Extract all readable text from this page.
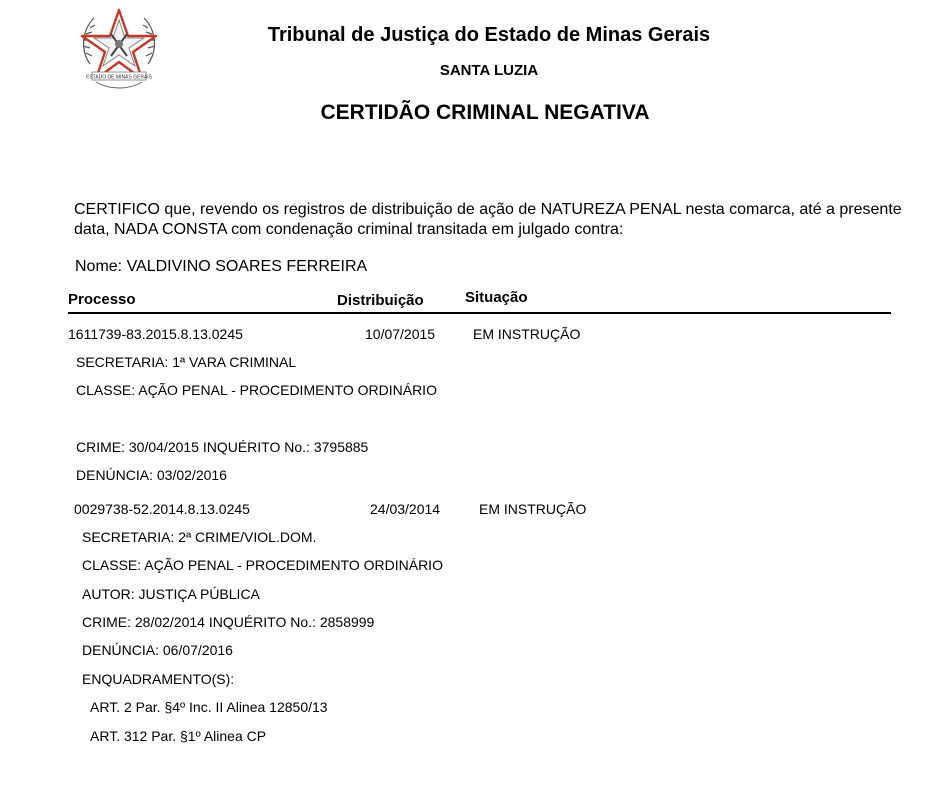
ESTADO DE MINAS GERAIS
Tribunal de Justiça do Estado de Minas Gerais
SANTA LUZIA
CERTIDÃO CRIMINAL NEGATIVA
CERTIFICO que, revendo os registros de distribuição de ação de NATUREZA PENAL nesta comarca, até a presente data, NADA CONSTA com condenação criminal transitada em julgado contra:
Nome: VALDIVINO SOARES FERREIRA
Processo	Distribuição	Situação
1611739-83.2015.8.13.0245	10/07/2015	EM INSTRUÇÃO
SECRETARIA: 1ª VARA CRIMINAL
CLASSE: AÇÃO PENAL - PROCEDIMENTO ORDINÁRIO
CRIME: 30/04/2015 INQUÉRITO No.: 3795885
DENÚNCIA: 03/02/2016
0029738-52.2014.8.13.0245	24/03/2014	EM INSTRUÇÃO
SECRETARIA: 2ª CRIME/VIOL.DOM.
CLASSE: AÇÃO PENAL - PROCEDIMENTO ORDINÁRIO
AUTOR: JUSTIÇA PÚBLICA
CRIME: 28/02/2014 INQUÉRITO No.: 2858999
DENÚNCIA: 06/07/2016
ENQUADRAMENTO(S):
ART. 2 Par. §4º Inc. II Alinea 12850/13
ART. 312 Par. §1º Alinea CP
